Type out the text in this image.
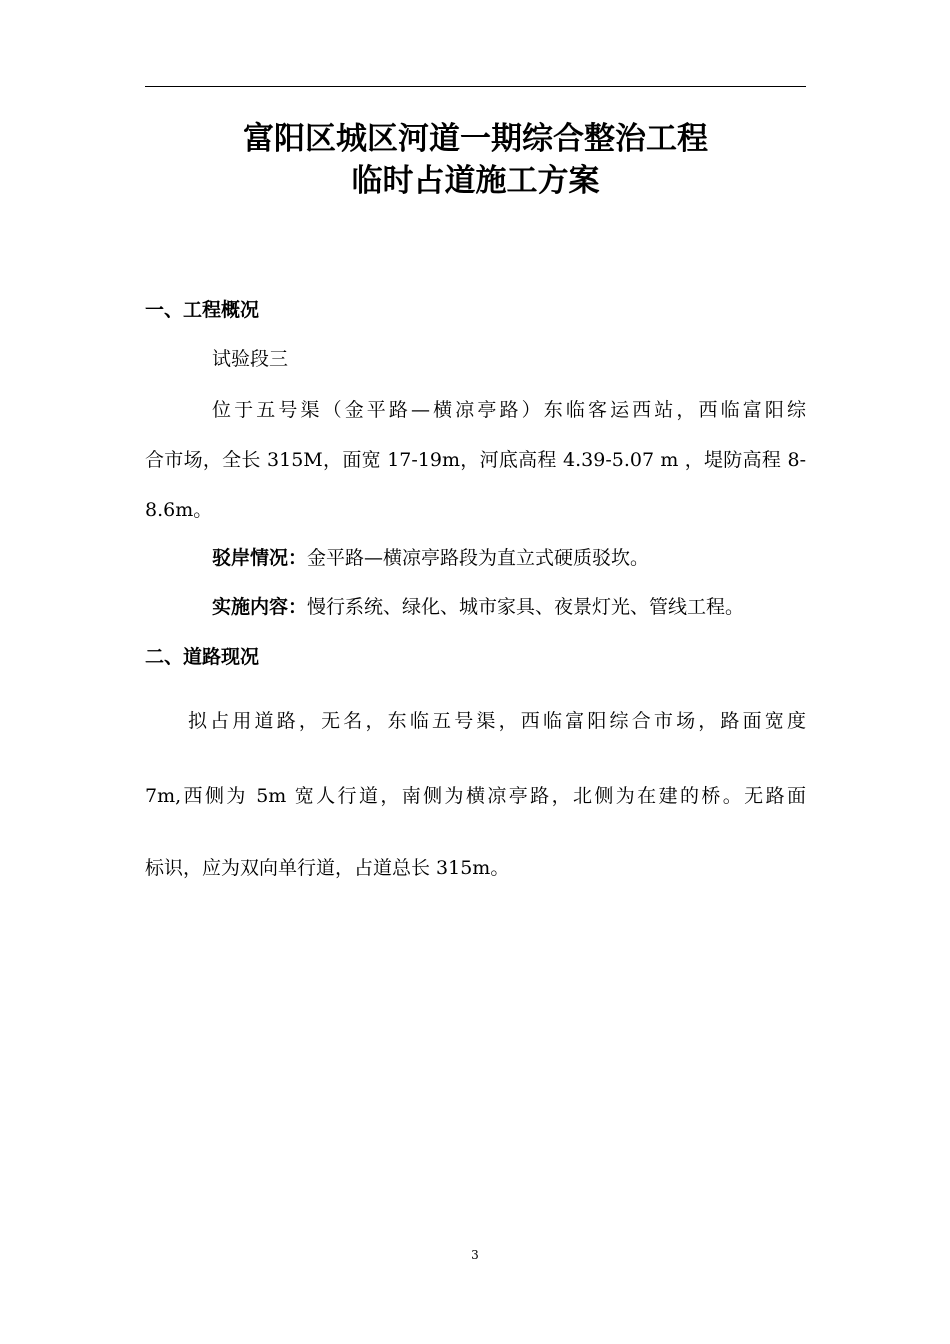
富阳区城区河道一期综合整治工程
临时占道施工方案
一、工程概况
试验段三
位于五号渠（金平路—横凉亭路）东临客运西站，西临富阳综
合市场，全长 315M，面宽 17-19m，河底高程 4.39-5.07 m ，堤防高程 8-
8.6m。
驳岸情况：金平路—横凉亭路段为直立式硬质驳坎。
实施内容：慢行系统、绿化、城市家具、夜景灯光、管线工程。
二、道路现况
拟占用道路，无名，东临五号渠，西临富阳综合市场，路面宽度
7m,西侧为 5m 宽人行道，南侧为横凉亭路，北侧为在建的桥。无路面
标识，应为双向单行道，占道总长 315m。
3
